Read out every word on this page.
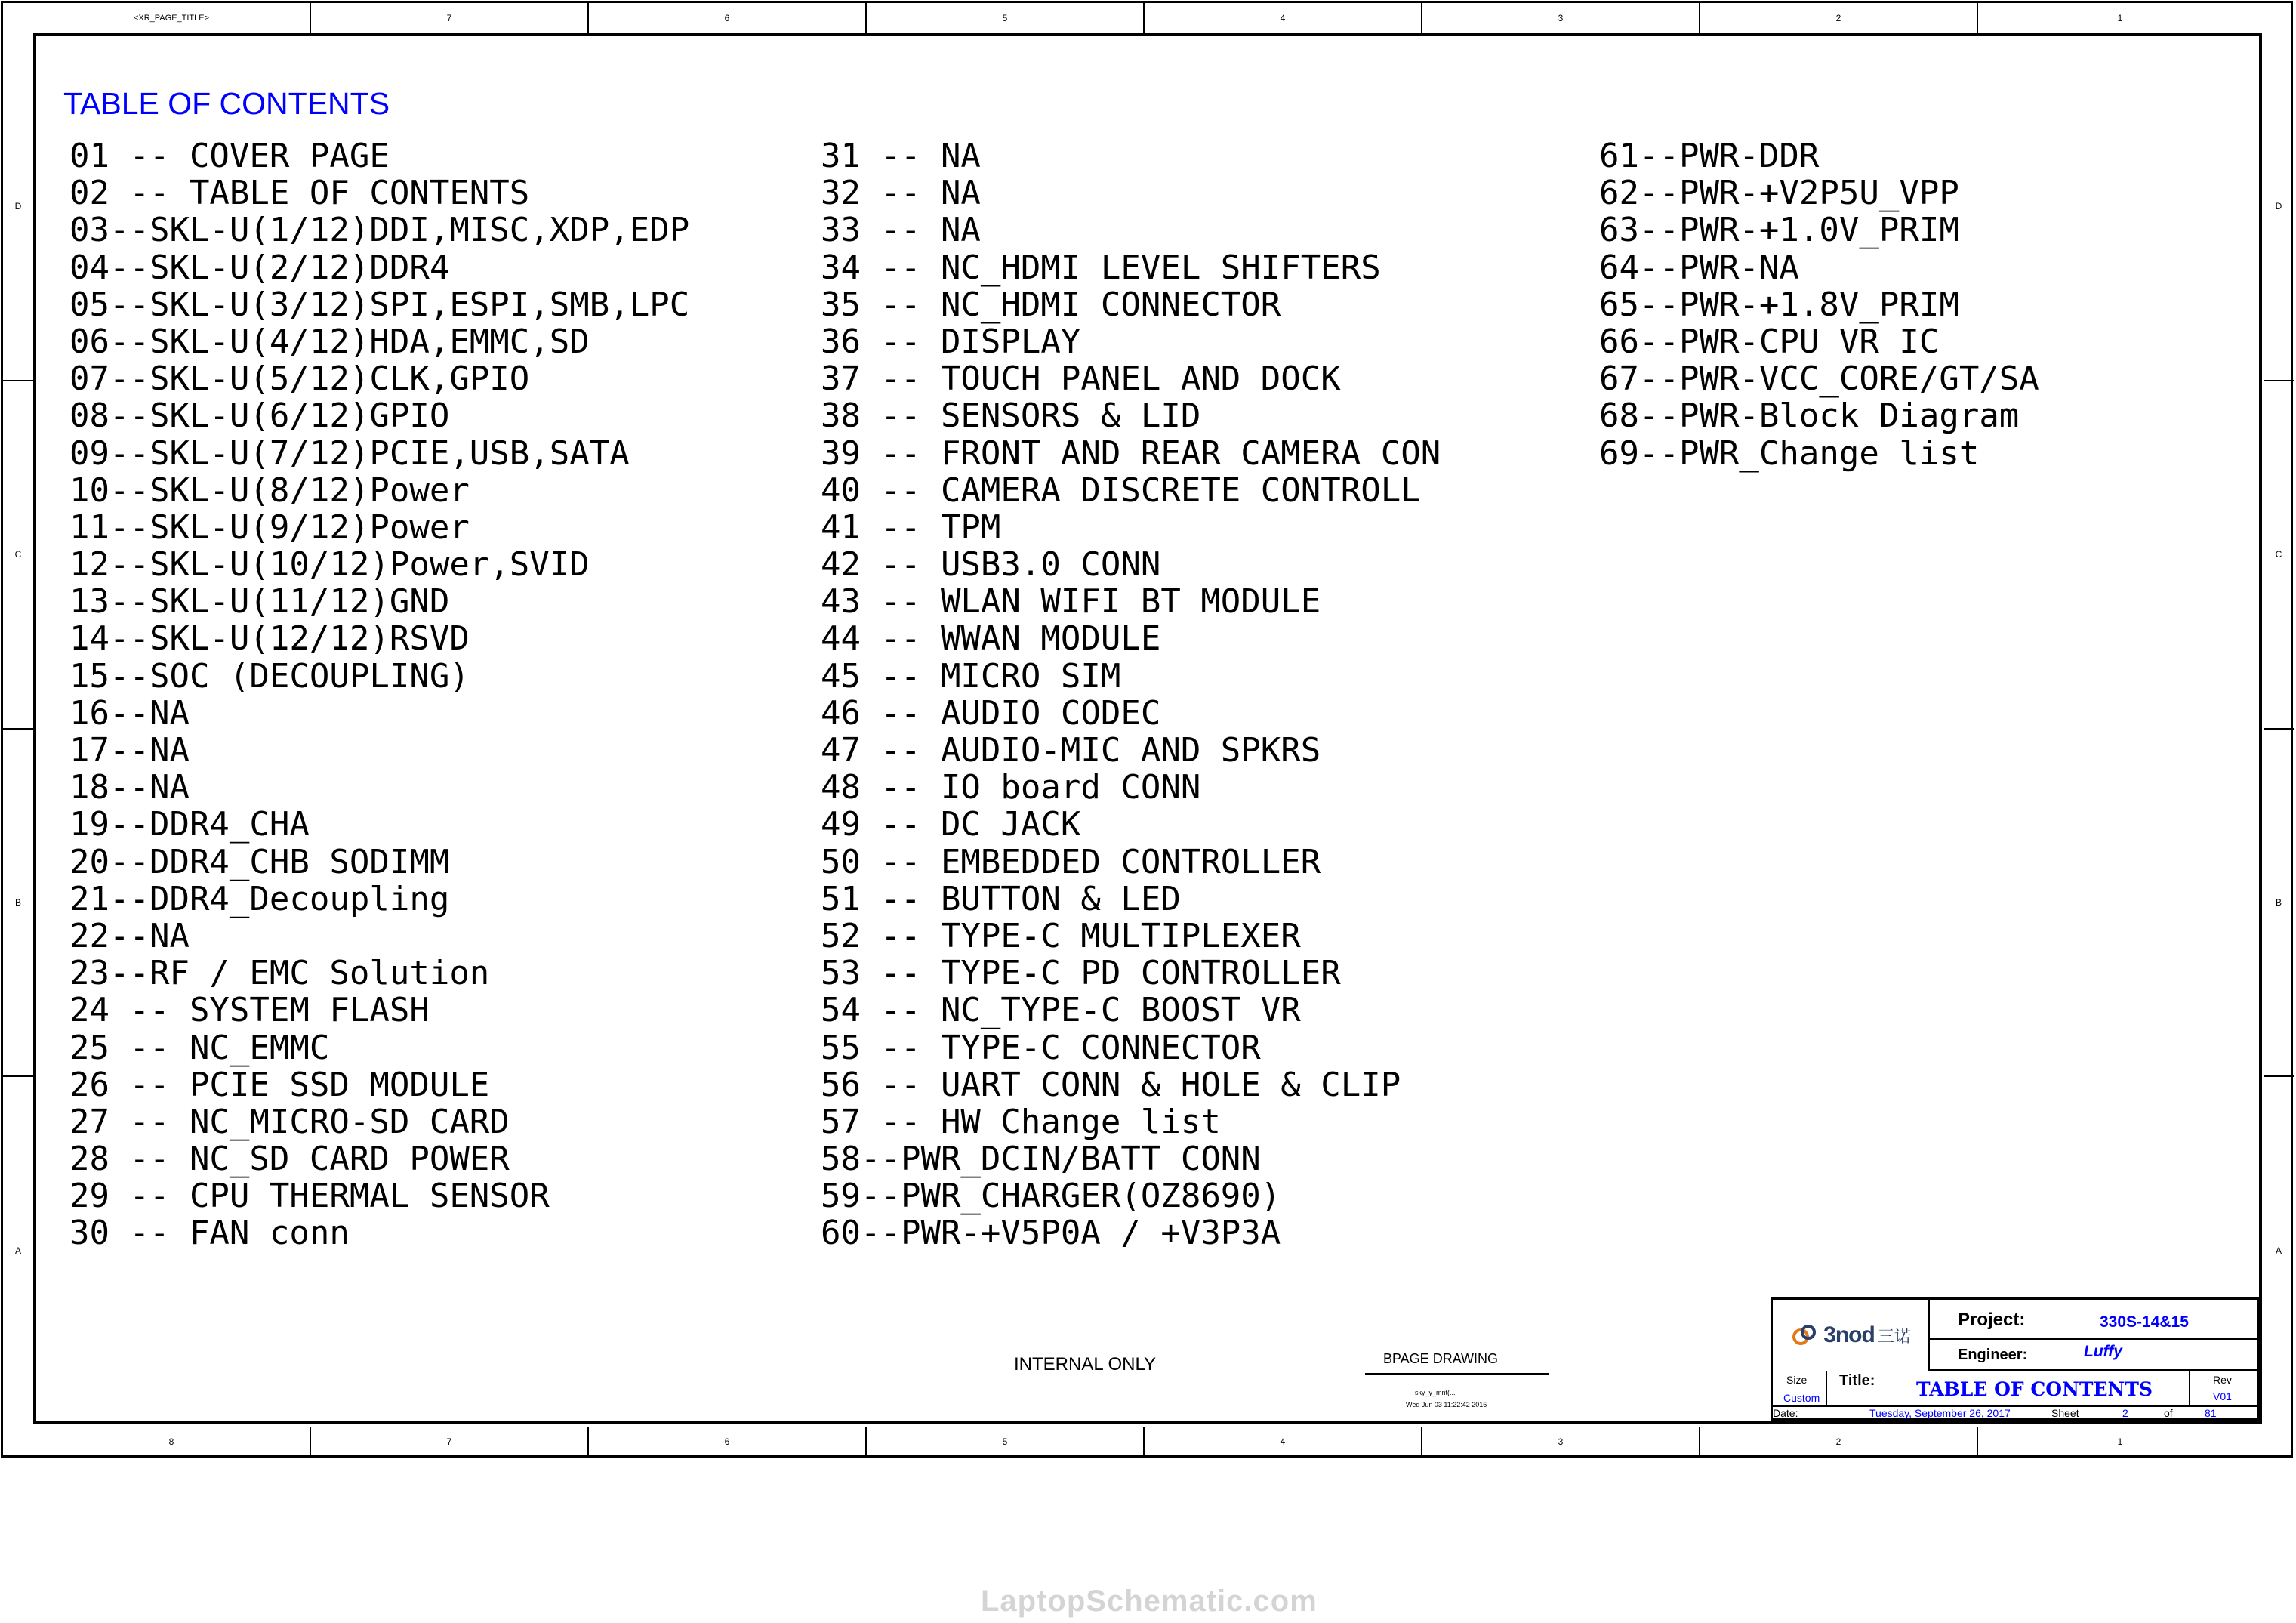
<XR_PAGE_TITLE>	7	6	5	4	3	2	1
D
C
B
A
D
C
B
A
TABLE OF CONTENTS
01 -- COVER PAGE
02 -- TABLE OF CONTENTS
03--SKL-U(1/12)DDI,MISC,XDP,EDP
04--SKL-U(2/12)DDR4
05--SKL-U(3/12)SPI,ESPI,SMB,LPC
06--SKL-U(4/12)HDA,EMMC,SD
07--SKL-U(5/12)CLK,GPIO
08--SKL-U(6/12)GPIO
09--SKL-U(7/12)PCIE,USB,SATA
10--SKL-U(8/12)Power
11--SKL-U(9/12)Power
12--SKL-U(10/12)Power,SVID
13--SKL-U(11/12)GND
14--SKL-U(12/12)RSVD
15--SOC (DECOUPLING)
16--NA
17--NA
18--NA
19--DDR4_CHA
20--DDR4_CHB SODIMM
21--DDR4_Decoupling
22--NA
23--RF / EMC Solution
24 -- SYSTEM FLASH
25 -- NC_EMMC
26 -- PCIE SSD MODULE
27 -- NC_MICRO-SD CARD
28 -- NC_SD CARD POWER
29 -- CPU THERMAL SENSOR
30 -- FAN conn
31 -- NA
32 -- NA
33 -- NA
34 -- NC_HDMI LEVEL SHIFTERS
35 -- NC_HDMI CONNECTOR
36 -- DISPLAY
37 -- TOUCH PANEL AND DOCK
38 -- SENSORS & LID
39 -- FRONT AND REAR CAMERA CON
40 -- CAMERA DISCRETE CONTROLL
41 -- TPM
42 -- USB3.0 CONN
43 -- WLAN WIFI BT MODULE
44 -- WWAN MODULE
45 -- MICRO SIM
46 -- AUDIO CODEC
47 -- AUDIO-MIC AND SPKRS
48 -- IO board CONN
49 -- DC JACK
50 -- EMBEDDED CONTROLLER
51 -- BUTTON & LED
52 -- TYPE-C MULTIPLEXER
53 -- TYPE-C PD CONTROLLER
54 -- NC_TYPE-C BOOST VR
55 -- TYPE-C CONNECTOR
56 -- UART CONN & HOLE & CLIP
57 -- HW Change list
58--PWR_DCIN/BATT CONN
59--PWR_CHARGER(OZ8690)
60--PWR-+V5P0A / +V3P3A
61--PWR-DDR
62--PWR-+V2P5U_VPP
63--PWR-+1.0V_PRIM
64--PWR-NA
65--PWR-+1.8V_PRIM
66--PWR-CPU VR IC
67--PWR-VCC_CORE/GT/SA
68--PWR-Block Diagram
69--PWR_Change list
INTERNAL ONLY	BPAGE DRAWING
sky_y_mnt(...
Wed Jun 03 11:22:42 2015
3nod 三诺
Project:	330S-14&15
Engineer:	Luffy
Size
Custom
Title: TABLE OF CONTENTS	Rev
V01
Date:	Tuesday, September 26, 2017	Sheet	2	of	81
8	7	6	5	4	3	2	1
LaptopSchematic.com
